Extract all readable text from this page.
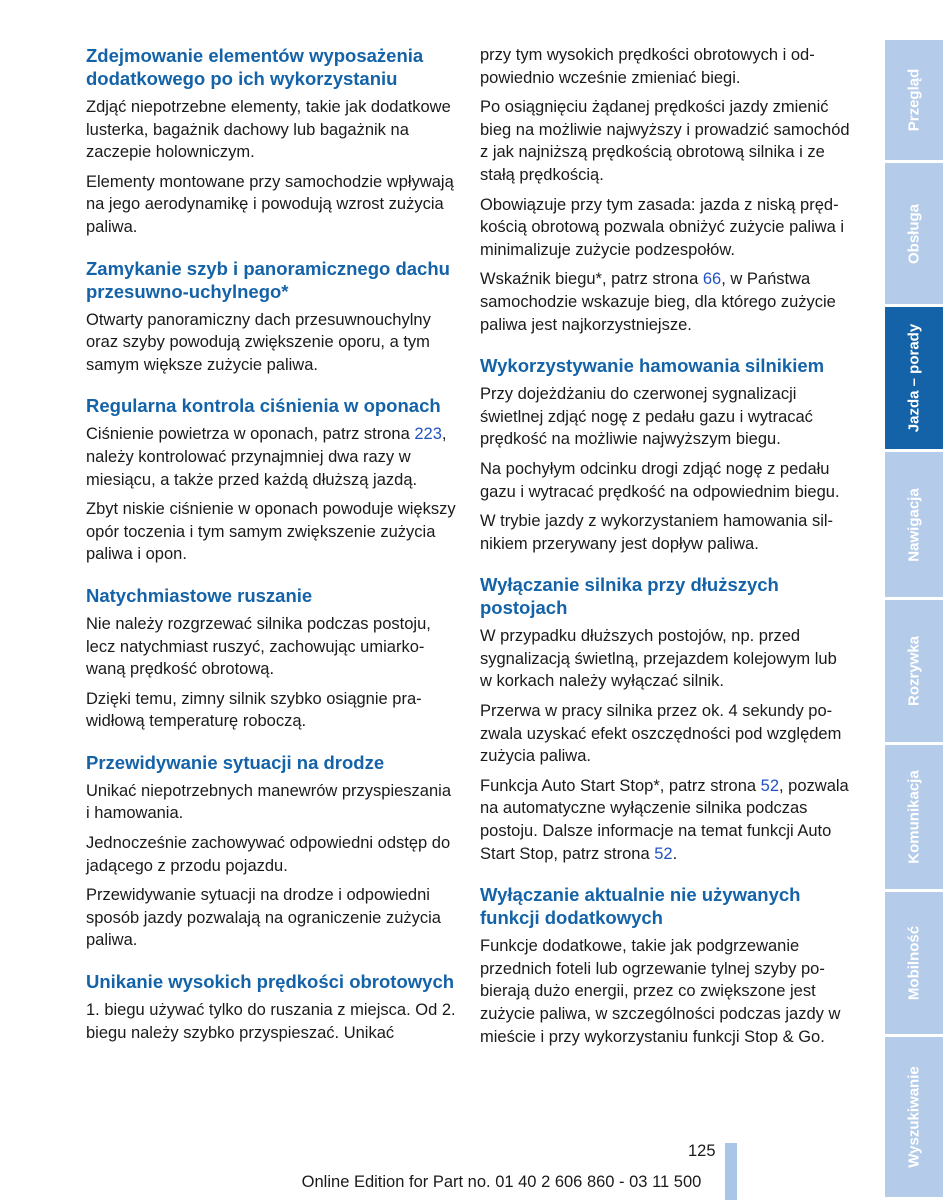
Zdejmowanie elementów wyposażenia dodatkowego po ich wykorzystaniu
Zdjąć niepotrzebne elementy, takie jak dodatkowe lusterka, bagażnik dachowy lub bagażnik na zaczepie holowniczym.
Elementy montowane przy samochodzie wpływają na jego aerodynamikę i powodują wzrost zużycia paliwa.
Zamykanie szyb i panoramicznego dachu przesuwno-uchylnego*
Otwarty panoramiczny dach przesuwnouchylny oraz szyby powodują zwiększenie oporu, a tym samym większe zużycie paliwa.
Regularna kontrola ciśnienia w oponach
Ciśnienie powietrza w oponach, patrz strona 223, należy kontrolować przynajmniej dwa razy w miesiącu, a także przed każdą dłuższą jazdą.
Zbyt niskie ciśnienie w oponach powoduje większy opór toczenia i tym samym zwiększenie zużycia paliwa i opon.
Natychmiastowe ruszanie
Nie należy rozgrzewać silnika podczas postoju, lecz natychmiast ruszyć, zachowując umiarkowaną prędkość obrotową.
Dzięki temu, zimny silnik szybko osiągnie prawidłową temperaturę roboczą.
Przewidywanie sytuacji na drodze
Unikać niepotrzebnych manewrów przyspieszania i hamowania.
Jednocześnie zachowywać odpowiedni odstęp do jadącego z przodu pojazdu.
Przewidywanie sytuacji na drodze i odpowiedni sposób jazdy pozwalają na ograniczenie zużycia paliwa.
Unikanie wysokich prędkości obrotowych
1. biegu używać tylko do ruszania z miejsca. Od 2. biegu należy szybko przyspieszać. Unikać
przy tym wysokich prędkości obrotowych i odpowiednio wcześnie zmieniać biegi.
Po osiągnięciu żądanej prędkości jazdy zmienić bieg na możliwie najwyższy i prowadzić samochód z jak najniższą prędkością obrotową silnika i ze stałą prędkością.
Obowiązuje przy tym zasada: jazda z niską prędkością obrotową pozwala obniżyć zużycie paliwa i minimalizuje zużycie podzespołów.
Wskaźnik biegu*, patrz strona 66, w Państwa samochodzie wskazuje bieg, dla którego zużycie paliwa jest najkorzystniejsze.
Wykorzystywanie hamowania silnikiem
Przy dojeżdżaniu do czerwonej sygnalizacji świetlnej zdjąć nogę z pedału gazu i wytracać prędkość na możliwie najwyższym biegu.
Na pochyłym odcinku drogi zdjąć nogę z pedału gazu i wytracać prędkość na odpowiednim biegu.
W trybie jazdy z wykorzystaniem hamowania silnikiem przerywany jest dopływ paliwa.
Wyłączanie silnika przy dłuższych postojach
W przypadku dłuższych postojów, np. przed sygnalizacją świetlną, przejazdem kolejowym lub w korkach należy wyłączać silnik.
Przerwa w pracy silnika przez ok. 4 sekundy pozwala uzyskać efekt oszczędności pod względem zużycia paliwa.
Funkcja Auto Start Stop*, patrz strona 52, pozwala na automatyczne wyłączenie silnika podczas postoju. Dalsze informacje na temat funkcji Auto Start Stop, patrz strona 52.
Wyłączanie aktualnie nie używanych funkcji dodatkowych
Funkcje dodatkowe, takie jak podgrzewanie przednich foteli lub ogrzewanie tylnej szyby pobierają dużo energii, przez co zwiększone jest zużycie paliwa, w szczególności podczas jazdy w mieście i przy wykorzystaniu funkcji Stop & Go.
125
Online Edition for Part no. 01 40 2 606 860 - 03 11 500
Przegląd
Obsługa
Jazda – porady
Nawigacja
Rozrywka
Komunikacja
Mobilność
Wyszukiwanie
